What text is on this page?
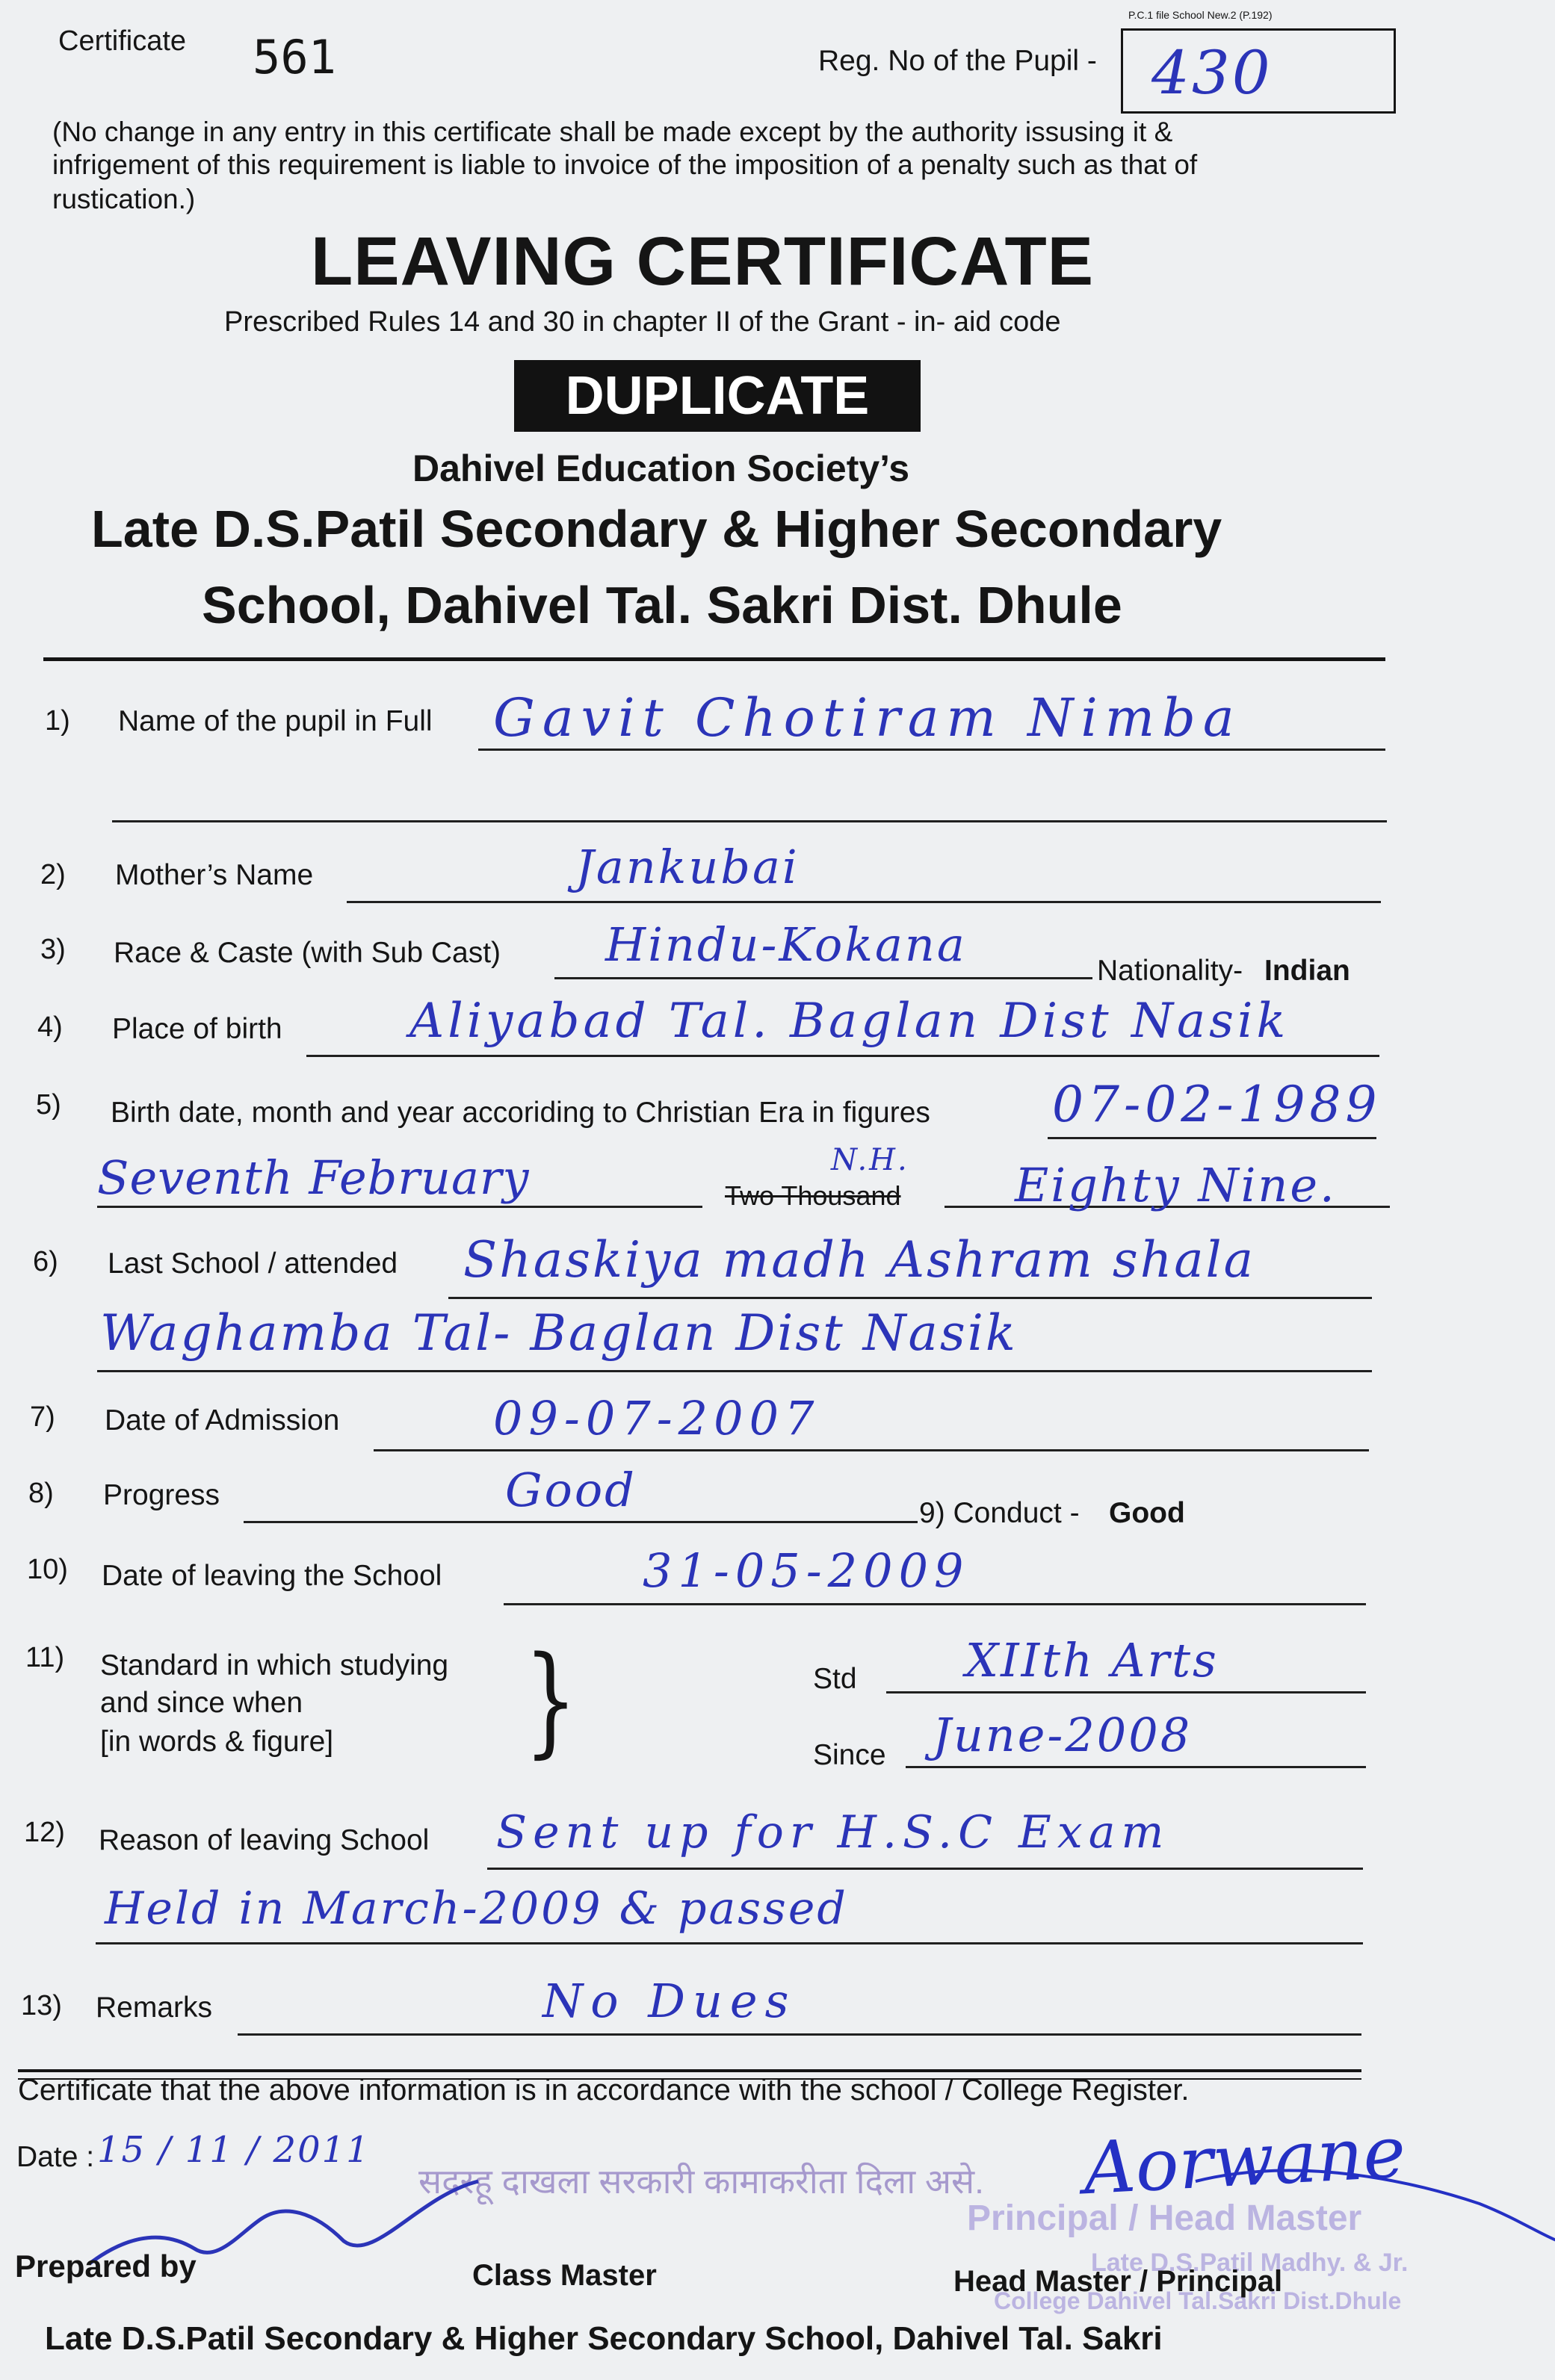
Certificate 561
P.C.1 file School New.2 (P.192)
Reg. No of the Pupil - 430
(No change in any entry in this certificate shall be made except by the authority issusing it &
infrigement of this requirement is liable to invoice of the imposition of a penalty such as that of
rustication.)
LEAVING CERTIFICATE
Prescribed Rules 14 and 30 in chapter II of the Grant - in- aid code
DUPLICATE
Dahivel Education Society’s
Late D.S.Patil Secondary & Higher Secondary
School, Dahivel Tal. Sakri Dist. Dhule
1) Name of the pupil in Full Gavit Chotiram Nimba
2) Mother’s Name	Jankubai
3) Race & Caste (with Sub Cast) Hindu-Kokana	Nationality- Indian
4) Place of birth	Aliyabad Tal. Baglan Dist Nasik
5) Birth date, month and year accoriding to Christian Era in figures 07-02-1989
Seventh February	Two Thousand
N.H. Eighty Nine.
6) Last School / attended Shaskiya madh Ashram shala
Waghamba Tal- Baglan Dist Nasik
7) Date of Admission	09-07-2007
8) Progress	Good	9) Conduct - Good
10) Date of leaving the School	31-05-2009
11) Standard in which studying
and since when
[in words & figure] }	Std XIIth Arts
Since June-2008
12) Reason of leaving School Sent up for H.S.C Exam
Held in March-2009 & passed
13) Remarks	No Dues
Certificate that the above information is in accordance with the school / College Register.
Date : 15 / 11 / 2011
सदरहू दाखला सरकारी कामाकरीता दिला असे.
Principal / Head Master
Late D.S.Patil Madhy. & Jr.
College Dahivel Tal.Sakri Dist.Dhule
Aorwane
Prepared by	Class Master	Head Master / Principal
Late D.S.Patil Secondary & Higher Secondary School, Dahivel Tal. Sakri
